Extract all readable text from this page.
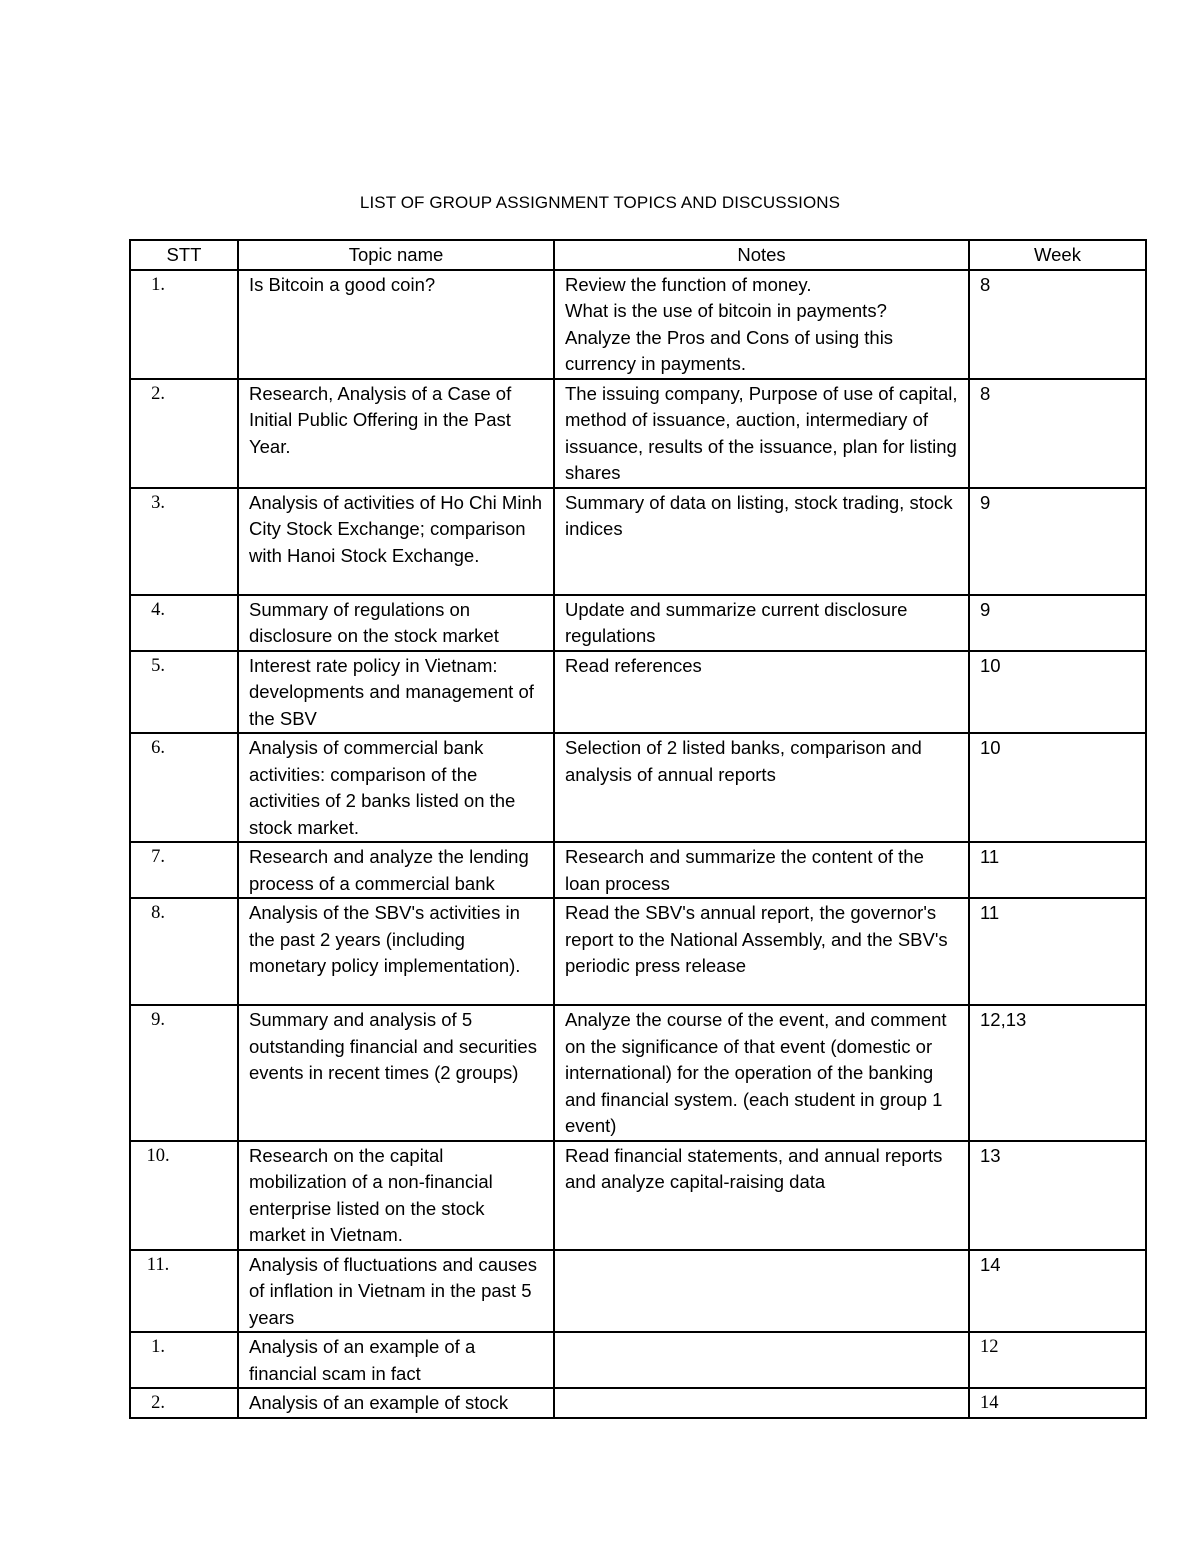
LIST OF GROUP ASSIGNMENT TOPICS AND DISCUSSIONS
STT	Topic name	Notes	Week
1.	Is Bitcoin a good coin?	Review the function of money.
What is the use of bitcoin in payments?
Analyze the Pros and Cons of using this currency in payments.	8
2.	Research, Analysis of a Case of Initial Public Offering in the Past Year.	The issuing company, Purpose of use of capital, method of issuance, auction, intermediary of issuance, results of the issuance, plan for listing shares	8
3.	Analysis of activities of Ho Chi Minh City Stock Exchange; comparison with Hanoi Stock Exchange.	Summary of data on listing, stock trading, stock indices	9
4.	Summary of regulations on disclosure on the stock market	Update and summarize current disclosure regulations	9
5.	Interest rate policy in Vietnam: developments and management of the SBV	Read references	10
6.	Analysis of commercial bank activities: comparison of the activities of 2 banks listed on the stock market.	Selection of 2 listed banks, comparison and analysis of annual reports	10
7.	Research and analyze the lending process of a commercial bank	Research and summarize the content of the loan process	11
8.	Analysis of the SBV's activities in the past 2 years (including monetary policy implementation).	Read the SBV's annual report, the governor's report to the National Assembly, and the SBV's periodic press release	11
9.	Summary and analysis of 5 outstanding financial and securities events in recent times (2 groups)	Analyze the course of the event, and comment on the significance of that event (domestic or international) for the operation of the banking and financial system. (each student in group 1 event)	12,13
10.	Research on the capital mobilization of a non-financial enterprise listed on the stock market in Vietnam.	Read financial statements, and annual reports and analyze capital-raising data	13
11.	Analysis of fluctuations and causes of inflation in Vietnam in the past 5 years		14
1.	Analysis of an example of a financial scam in fact		12
2.	Analysis of an example of stock		14
